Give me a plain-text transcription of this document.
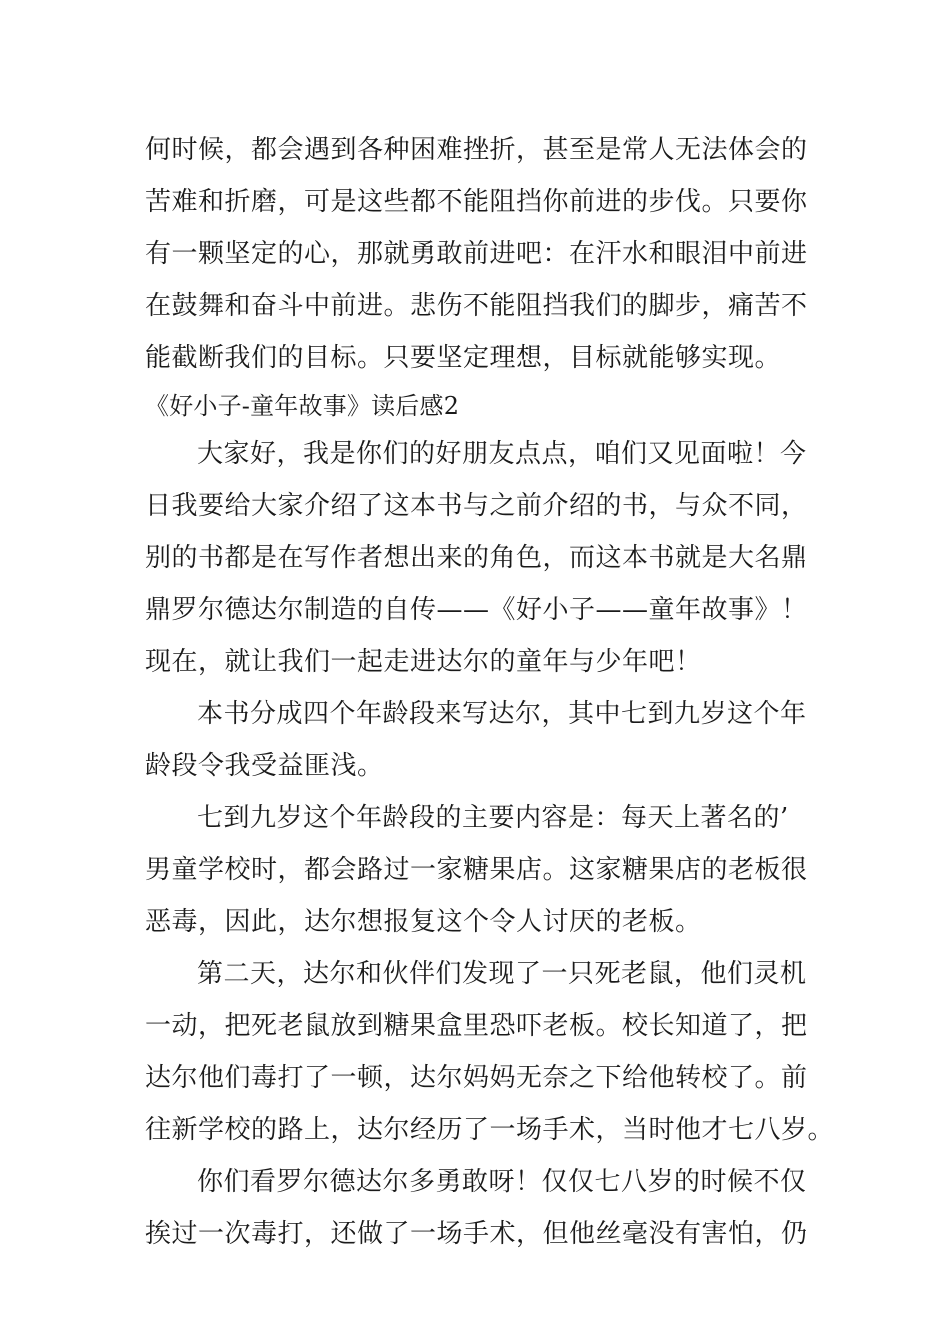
何时候，都会遇到各种困难挫折，甚至是常人无法体会的
苦难和折磨，可是这些都不能阻挡你前进的步伐。只要你
有一颗坚定的心，那就勇敢前进吧：在汗水和眼泪中前进
在鼓舞和奋斗中前进。悲伤不能阻挡我们的脚步，痛苦不
能截断我们的目标。只要坚定理想，目标就能够实现。
《好小子-童年故事》读后感2
大家好，我是你们的好朋友点点，咱们又见面啦！今
日我要给大家介绍了这本书与之前介绍的书，与众不同，
别的书都是在写作者想出来的角色，而这本书就是大名鼎
鼎罗尔德达尔制造的自传——《好小子——童年故事》！
现在，就让我们一起走进达尔的童年与少年吧！
本书分成四个年龄段来写达尔，其中七到九岁这个年
龄段令我受益匪浅。
七到九岁这个年龄段的主要内容是：每天上著名的’
男童学校时，都会路过一家糖果店。这家糖果店的老板很
恶毒，因此，达尔想报复这个令人讨厌的老板。
第二天，达尔和伙伴们发现了一只死老鼠，他们灵机
一动，把死老鼠放到糖果盒里恐吓老板。校长知道了，把
达尔他们毒打了一顿，达尔妈妈无奈之下给他转校了。前
往新学校的路上，达尔经历了一场手术，当时他才七八岁。
你们看罗尔德达尔多勇敢呀！仅仅七八岁的时候不仅
挨过一次毒打，还做了一场手术，但他丝毫没有害怕，仍
